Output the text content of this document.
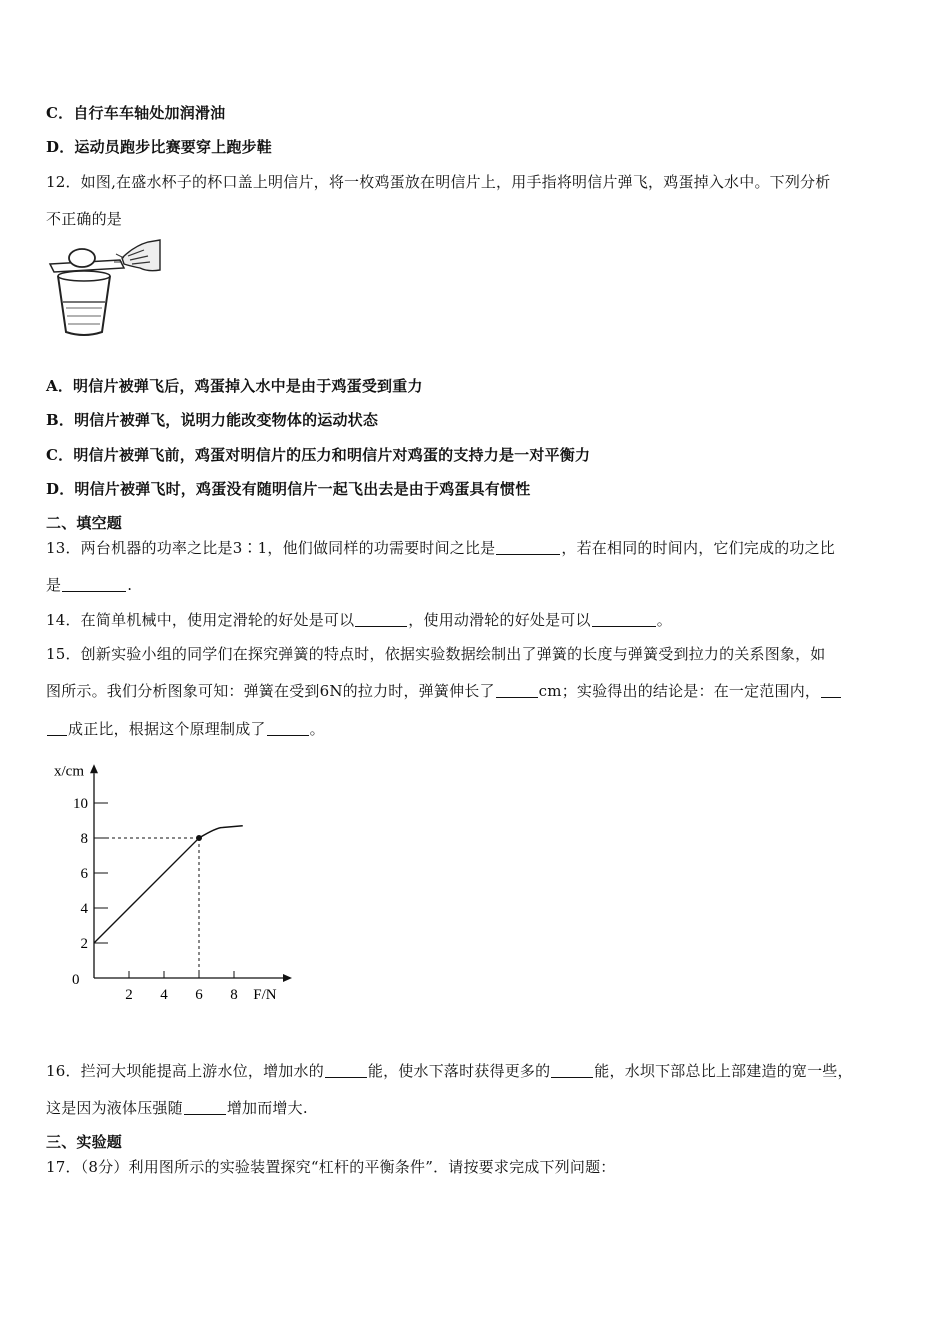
C．自行车车轴处加润滑油
D．运动员跑步比赛要穿上跑步鞋
12．如图,在盛水杯子的杯口盖上明信片，将一枚鸡蛋放在明信片上，用手指将明信片弹飞，鸡蛋掉入水中。下列分析
不正确的是
A．明信片被弹飞后，鸡蛋掉入水中是由于鸡蛋受到重力
B．明信片被弹飞，说明力能改变物体的运动状态
C．明信片被弹飞前，鸡蛋对明信片的压力和明信片对鸡蛋的支持力是一对平衡力
D．明信片被弹飞时，鸡蛋没有随明信片一起飞出去是由于鸡蛋具有惯性
二、填空题
13．两台机器的功率之比是3∶1，他们做同样的功需要时间之比是	，若在相同的时间内，它们完成的功之比
是	.
14．在简单机械中，使用定滑轮的好处是可以	，使用动滑轮的好处是可以	。
15．创新实验小组的同学们在探究弹簧的特点时，依据实验数据绘制出了弹簧的长度与弹簧受到拉力的关系图象，如
图所示。我们分析图象可知：弹簧在受到6N的拉力时，弹簧伸长了	cm；实验得出的结论是：在一定范围内，
成正比，根据这个原理制成了	。
x/cm
F/N
0
2 4 6 8
2
4
6
8
10
16．拦河大坝能提高上游水位，增加水的	能，使水下落时获得更多的	能，水坝下部总比上部建造的宽一些，
这是因为液体压强随	增加而增大.
三、实验题
17．（8分）利用图所示的实验装置探究“杠杆的平衡条件”．请按要求完成下列问题：
